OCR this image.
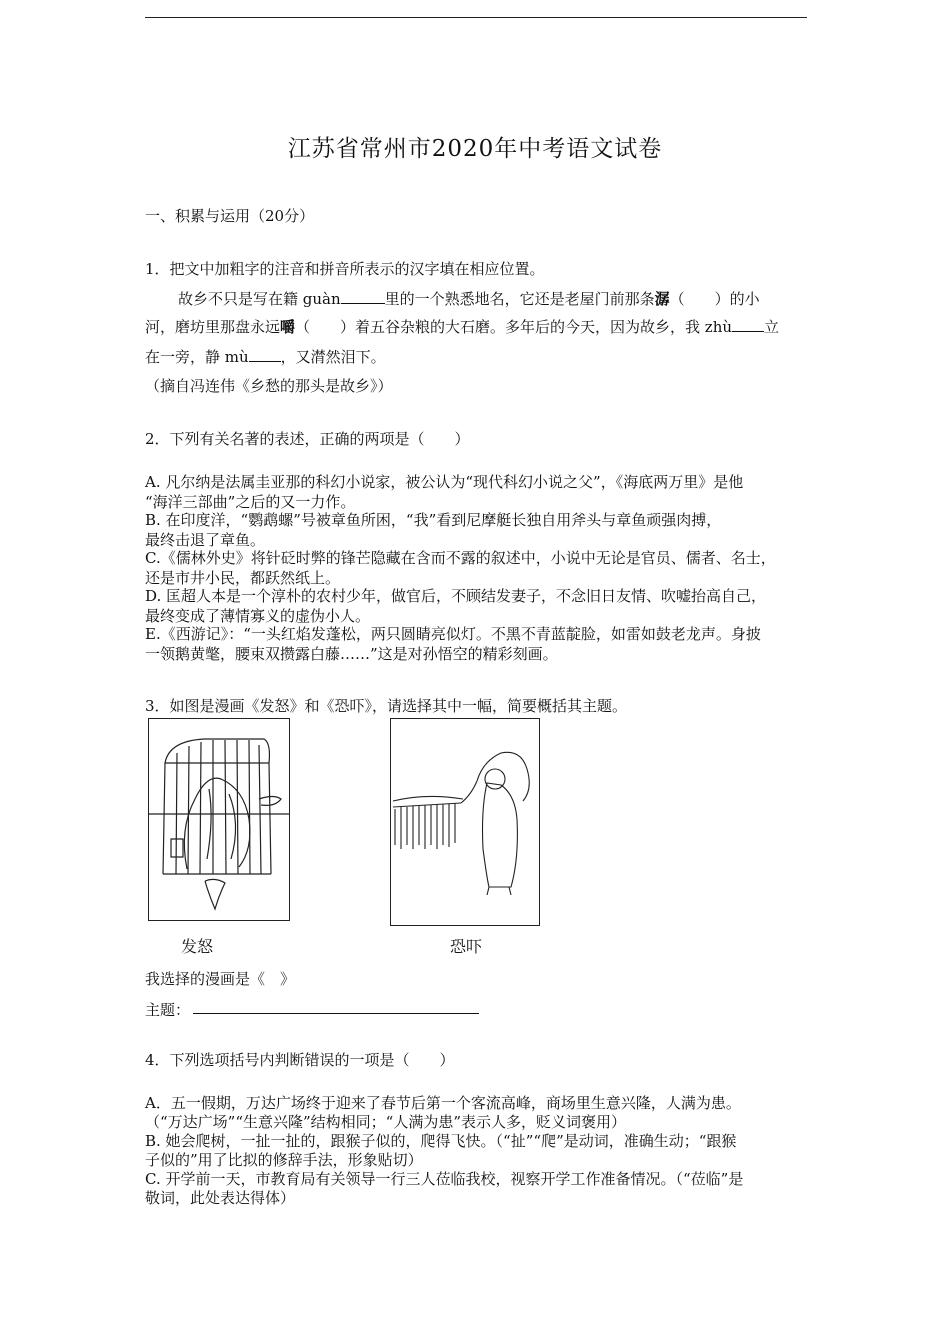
江苏省常州市2020年中考语文试卷
一、积累与运用（20分）
1．把文中加粗字的注音和拼音所表示的汉字填在相应位置。
故乡不只是写在籍 guàn	里的一个熟悉地名，它还是老屋门前那条潺（　　）的小
河，磨坊里那盘永远嚼（　　）着五谷杂粮的大石磨。多年后的今天，因为故乡，我 zhù 立
在一旁，静 mù ，又潸然泪下。
（摘自冯连伟《乡愁的那头是故乡》）
2．下列有关名著的表述，正确的两项是（　　）
A. 凡尔纳是法属圭亚那的科幻小说家，被公认为“现代科幻小说之父”，《海底两万里》是他
“海洋三部曲”之后的又一力作。
B. 在印度洋，“鹦鹉螺”号被章鱼所困，“我”看到尼摩艇长独自用斧头与章鱼顽强肉搏，
最终击退了章鱼。
C.《儒林外史》将针砭时弊的锋芒隐藏在含而不露的叙述中，小说中无论是官员、儒者、名士，
还是市井小民，都跃然纸上。
D. 匡超人本是一个淳朴的农村少年，做官后，不顾结发妻子，不念旧日友情、吹嘘抬高自己，
最终变成了薄情寡义的虚伪小人。
E.《西游记》：“一头红焰发蓬松，两只圆睛亮似灯。不黑不青蓝靛脸，如雷如鼓老龙声。身披
一领鹅黄氅，腰束双攒露白藤……”这是对孙悟空的精彩刻画。
3．如图是漫画《发怒》和《恐吓》，请选择其中一幅，简要概括其主题。
发怒	恐吓
我选择的漫画是《　》
主题：
4．下列选项括号内判断错误的一项是（　　）
A．五一假期，万达广场终于迎来了春节后第一个客流高峰，商场里生意兴隆，人满为患。
（“万达广场”“生意兴隆”结构相同；“人满为患”表示人多，贬义词褒用）
B. 她会爬树，一扯一扯的，跟猴子似的，爬得飞快。（“扯”“爬”是动词，准确生动；“跟猴
子似的”用了比拟的修辞手法，形象贴切）
C. 开学前一天，市教育局有关领导一行三人莅临我校，视察开学工作准备情况。（“莅临”是
敬词，此处表达得体）
